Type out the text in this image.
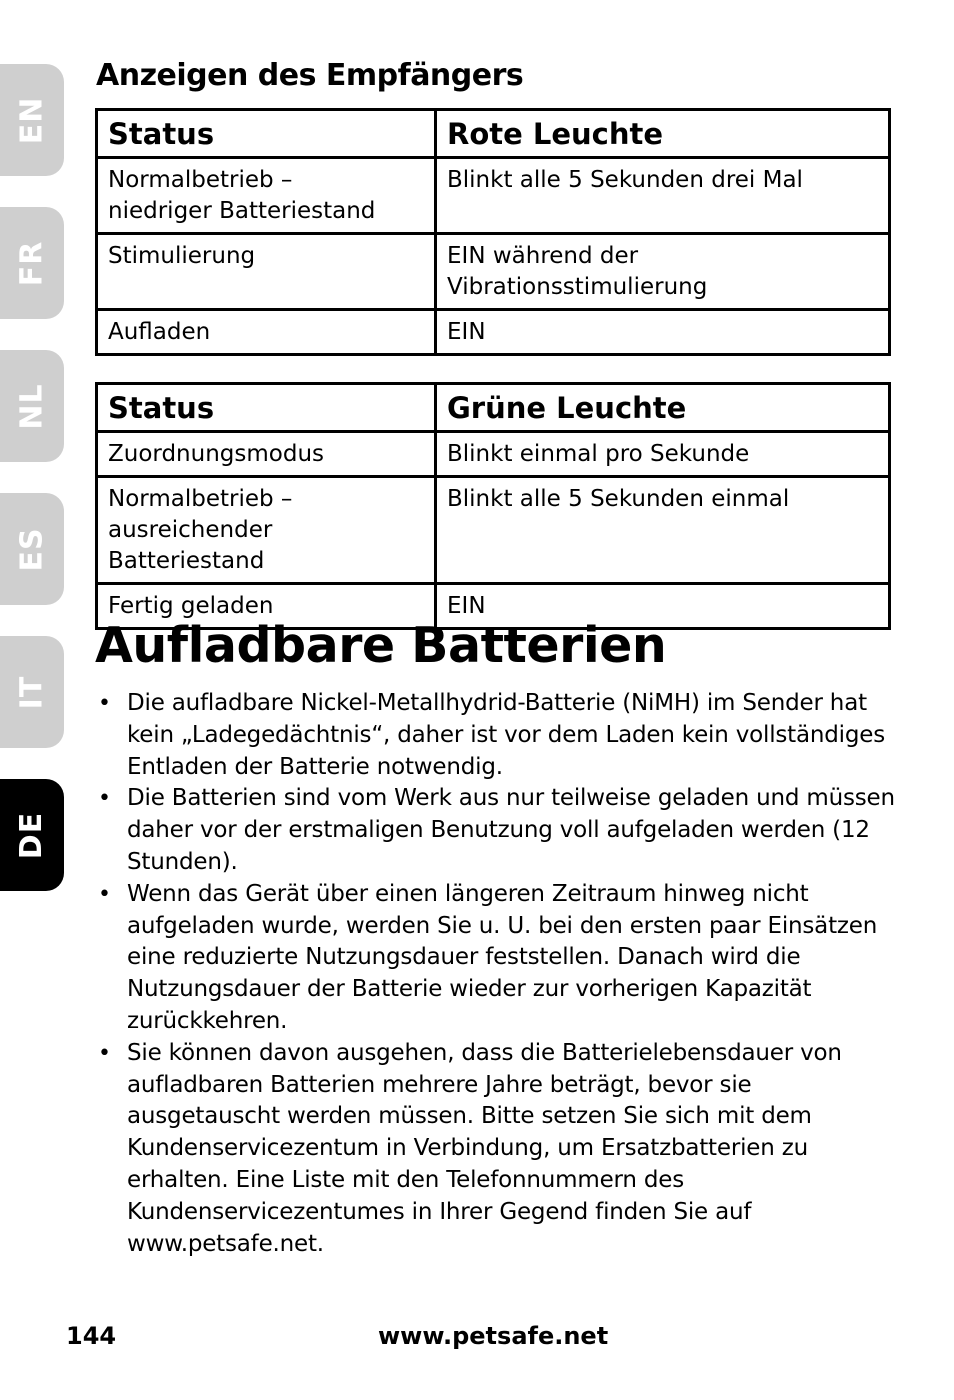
EN
FR
NL
ES
IT
DE
Anzeigen des Empfängers
Status	Rote Leuchte
Normalbetrieb –
niedriger Batteriestand	Blinkt alle 5 Sekunden drei Mal
Stimulierung	EIN während der
Vibrationsstimulierung
Aufladen	EIN
Status	Grüne Leuchte
Zuordnungsmodus	Blinkt einmal pro Sekunde
Normalbetrieb –
ausreichender Batteriestand	Blinkt alle 5 Sekunden einmal
Fertig geladen	EIN
Aufladbare Batterien
• Die aufladbare Nickel-Metallhydrid-Batterie (NiMH) im Sender hat kein „Ladegedächtnis“, daher ist vor dem Laden kein vollständiges Entladen der Batterie notwendig.
• Die Batterien sind vom Werk aus nur teilweise geladen und müssen daher vor der erstmaligen Benutzung voll aufgeladen werden (12 Stunden).
• Wenn das Gerät über einen längeren Zeitraum hinweg nicht aufgeladen wurde, werden Sie u. U. bei den ersten paar Einsätzen eine reduzierte Nutzungsdauer feststellen. Danach wird die Nutzungsdauer der Batterie wieder zur vorherigen Kapazität zurückkehren.
• Sie können davon ausgehen, dass die Batterielebensdauer von aufladbaren Batterien mehrere Jahre beträgt, bevor sie ausgetauscht werden müssen. Bitte setzen Sie sich mit dem Kundenservicezentum in Verbindung, um Ersatzbatterien zu erhalten. Eine Liste mit den Telefonnummern des Kundenservicezentumes in Ihrer Gegend finden Sie auf www.petsafe.net.
144	www.petsafe.net
